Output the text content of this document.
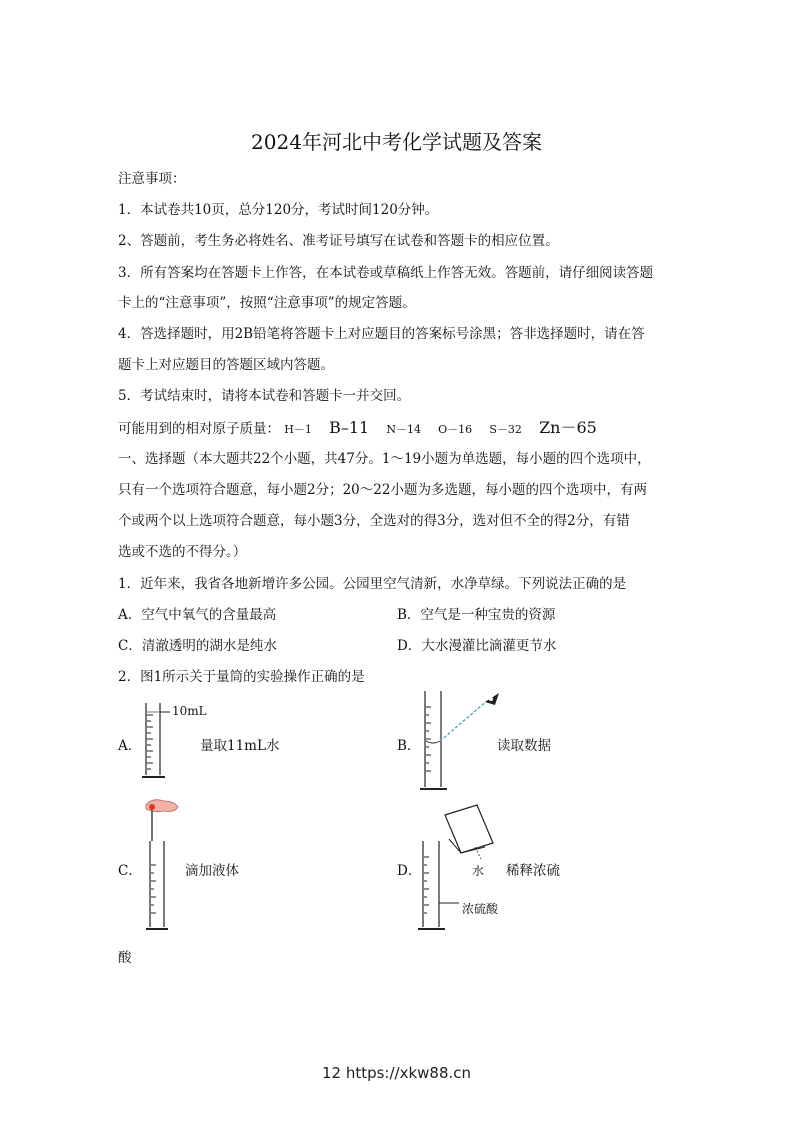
2024年河北中考化学试题及答案
注意事项：
1．本试卷共10页，总分120分，考试时间120分钟。
2、答题前，考生务必将姓名、准考证号填写在试卷和答题卡的相应位置。
3．所有答案均在答题卡上作答，在本试卷或草稿纸上作答无效。答题前，请仔细阅读答题
卡上的“注意事项”，按照“注意事项”的规定答题。
4．答选择题时，用2B铅笔将答题卡上对应题目的答案标号涂黑；答非选择题时，请在答
题卡上对应题目的答题区域内答题。
5．考试结束时，请将本试卷和答题卡一并交回。
可能用到的相对原子质量： H－1 B–11 N－14 O－16 S－32 Zn－65
一、选择题（本大题共22个小题，共47分。1～19小题为单选题，每小题的四个选项中，
只有一个选项符合题意，每小题2分；20～22小题为多选题，每小题的四个选项中，有两
个或两个以上选项符合题意，每小题3分，全选对的得3分，选对但不全的得2分，有错
选或不选的不得分。）
1．近年来，我省各地新增许多公园。公园里空气清新，水净草绿。下列说法正确的是
A．空气中氧气的含量最高	B．空气是一种宝贵的资源
C．清澈透明的湖水是纯水	D．大水漫灌比滴灌更节水
2．图1所示关于量筒的实验操作正确的是
A．
10mL
量取11mL水	B．	读取数据
C．	滴加液体	D．	水
浓硫酸
稀释浓硫
酸
12 https://xkw88.cn
